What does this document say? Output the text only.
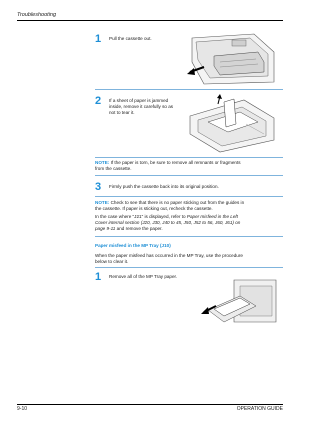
Troubleshooting
1 Pull the cassette out.
2 If a sheet of paper is jammed
inside, remove it carefully so as
not to tear it.
NOTE: If the paper is torn, be sure to remove all remnants or fragments
from the cassette.
3 Firmly push the cassette back into its original position.
NOTE: Check to see that there is no paper sticking out from the guides in
the cassette. If paper is sticking out, recheck the cassette.
In the case where "J21" is displayed, refer to Paper misfeed in the Left
Cover internal section (J20, J30, J40 to 45, J50, J52 to 56, J60, J61) on
page 9-11 and remove the paper.
Paper misfeed in the MP Tray (J10)
When the paper misfeed has occurred in the MP Tray, use the procedure
below to clear it.
1 Remove all of the MP Tray paper.
9-10	OPERATION GUIDE
